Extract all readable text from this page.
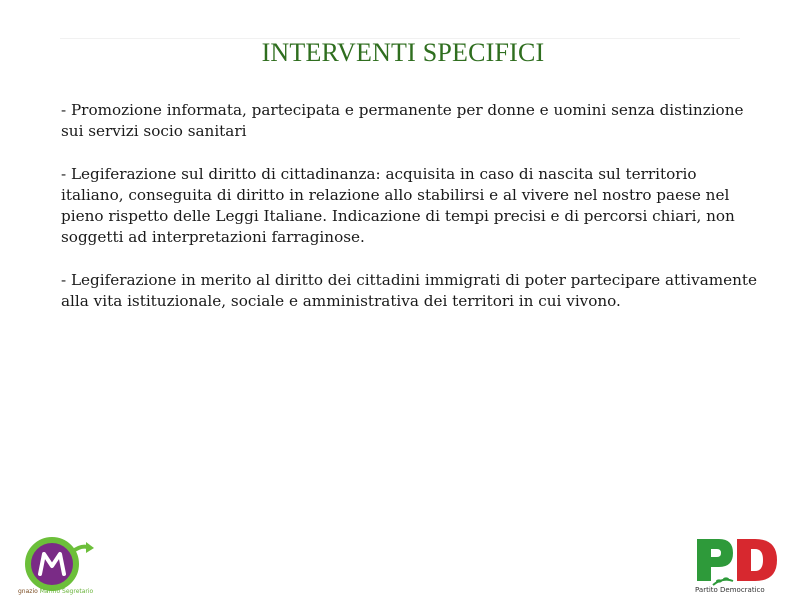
INTERVENTI SPECIFICI

- Promozione informata, partecipata e permanente per donne e uomini senza distinzione sui servizi socio sanitari

- Legiferazione sul diritto di cittadinanza: acquisita in caso di nascita sul territorio italiano, conseguita di diritto in relazione allo stabilirsi e al vivere nel nostro paese nel pieno rispetto delle Leggi Italiane. Indicazione di tempi precisi e di percorsi chiari, non soggetti ad interpretazioni farraginose.

- Legiferazione in merito al diritto dei cittadini immigrati di poter partecipare attivamente alla vita istituzionale, sociale e amministrativa dei territori in cui vivono.

gnazio Marino Segretario	Partito Democratico
